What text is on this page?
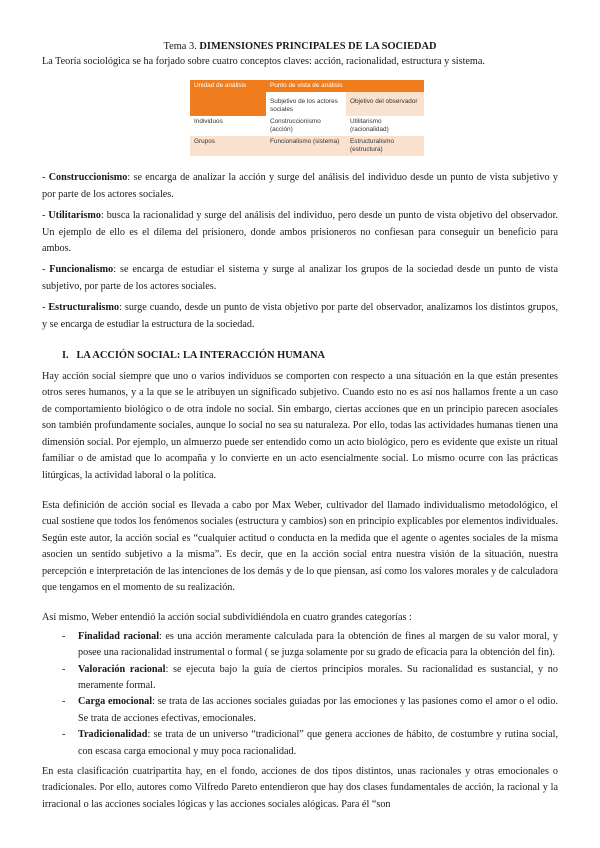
Tema 3. DIMENSIONES PRINCIPALES DE LA SOCIEDAD

La Teoría sociológica se ha forjado sobre cuatro conceptos claves: acción, racionalidad, estructura y sistema.

Unidad de análisis	Punto de vista de análisis	
	Subjetivo de los actores sociales	Objetivo del observador
Individuos	Construccionismo (acción)	Utilitarismo (racionalidad)
Grupos	Funcionalismo (sistema)	Estructuralismo (estructura)

- Construccionismo: se encarga de analizar la acción y surge del análisis del individuo desde un punto de vista subjetivo y por parte de los actores sociales.

- Utilitarismo: busca la racionalidad y surge del análisis del individuo, pero desde un punto de vista objetivo del observador. Un ejemplo de ello es el dilema del prisionero, donde ambos prisioneros no confiesan para conseguir un beneficio para ambos.

- Funcionalismo: se encarga de estudiar el sistema y surge al analizar los grupos de la sociedad desde un punto de vista subjetivo, por parte de los actores sociales.

- Estructuralismo: surge cuando, desde un punto de vista objetivo por parte del observador, analizamos los distintos grupos, y se encarga de estudiar la estructura de la sociedad.

I. LA ACCIÓN SOCIAL: LA INTERACCIÓN HUMANA

Hay acción social siempre que uno o varios individuos se comporten con respecto a una situación en la que están presentes otros seres humanos, y a la que se le atribuyen un significado subjetivo. Cuando esto no es así nos hallamos frente a un caso de comportamiento biológico o de otra índole no social. Sin embargo, ciertas acciones que en un principio parecen asociales son también profundamente sociales, aunque lo social no sea su naturaleza. Por ello, todas las actividades humanas tienen una dimensión social. Por ejemplo, un almuerzo puede ser entendido como un acto biológico, pero es evidente que existe un ritual familiar o de amistad que lo acompaña y lo convierte en un acto esencialmente social. Lo mismo ocurre con las prácticas litúrgicas, la actividad laboral o la política.

Esta definición de acción social es llevada a cabo por Max Weber, cultivador del llamado individualismo metodológico, el cual sostiene que todos los fenómenos sociales (estructura y cambios) son en principio explicables por elementos individuales. Según este autor, la acción social es “cualquier actitud o conducta en la medida que el agente o agentes sociales de la misma asocien un sentido subjetivo a la misma”. Es decir, que en la acción social entra nuestra visión de la situación, nuestra percepción e interpretación de las intenciones de los demás y de lo que piensan, así como los valores morales y de calculadora que tengamos en el momento de su realización.

Así mismo, Weber entendió la acción social subdividiéndola en cuatro grandes categorías :

- Finalidad racional: es una acción meramente calculada para la obtención de fines al margen de su valor moral, y posee una racionalidad instrumental o formal ( se juzga solamente por su grado de eficacia para la obtención del fin).
- Valoración racional: se ejecuta bajo la guía de ciertos principios morales. Su racionalidad es sustancial, y no meramente formal.
- Carga emocional: se trata de las acciones sociales guiadas por las emociones y las pasiones como el amor o el odio. Se trata de acciones efectivas, emocionales.
- Tradicionalidad: se trata de un universo “tradicional” que genera acciones de hábito, de costumbre y rutina social, con escasa carga emocional y muy poca racionalidad.

En esta clasificación cuatripartita hay, en el fondo, acciones de dos tipos distintos, unas racionales y otras emocionales o tradicionales. Por ello, autores como Vilfredo Pareto entendieron que hay dos clases fundamentales de acción, la racional y la irracional o las acciones sociales lógicas y las acciones sociales alógicas. Para él “son
